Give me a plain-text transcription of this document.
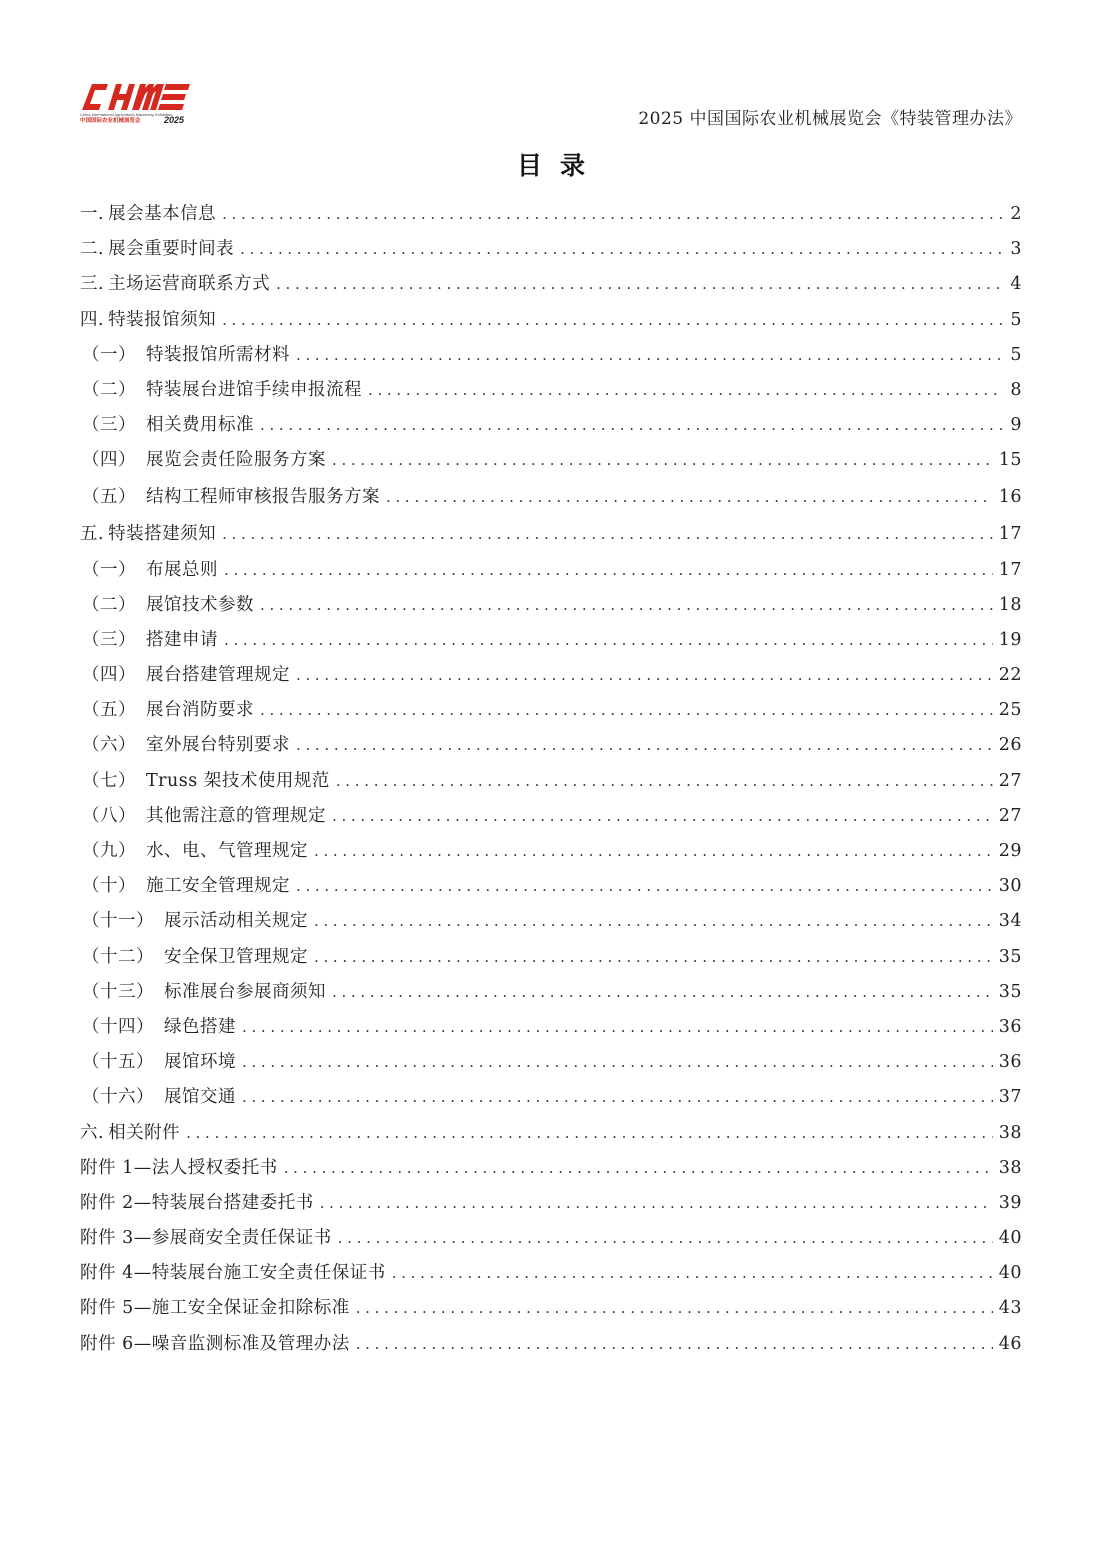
China International Agricultural Machinery Exhibition
中国国际农业机械展览会	2025	2025 中国国际农业机械展览会《特装管理办法》
目录
一. 展会基本信息 .....	2
二. 展会重要时间表 .....	3
三. 主场运营商联系方式 .....	4
四. 特装报馆须知 .....	5
（一） 特装报馆所需材料 .....	5
（二） 特装展台进馆手续申报流程 .....	8
（三） 相关费用标准 .....	9
（四） 展览会责任险服务方案 .....	15
（五） 结构工程师审核报告服务方案 .....	16
五. 特装搭建须知 .....	17
（一） 布展总则 .....	17
（二） 展馆技术参数 .....	18
（三） 搭建申请 .....	19
（四） 展台搭建管理规定 .....	22
（五） 展台消防要求 .....	25
（六） 室外展台特别要求 .....	26
（七） Truss 架技术使用规范 .....	27
（八） 其他需注意的管理规定 .....	27
（九） 水、电、气管理规定 .....	29
（十） 施工安全管理规定 .....	30
（十一） 展示活动相关规定 .....	34
（十二） 安全保卫管理规定 .....	35
（十三） 标准展台参展商须知 .....	35
（十四） 绿色搭建 .....	36
（十五） 展馆环境 .....	36
（十六） 展馆交通 .....	37
六. 相关附件 .....	38
附件 1—法人授权委托书 .....	38
附件 2—特装展台搭建委托书 .....	39
附件 3—参展商安全责任保证书 .....	40
附件 4—特装展台施工安全责任保证书 .....	40
附件 5—施工安全保证金扣除标准 .....	43
附件 6—噪音监测标准及管理办法 .....	46
